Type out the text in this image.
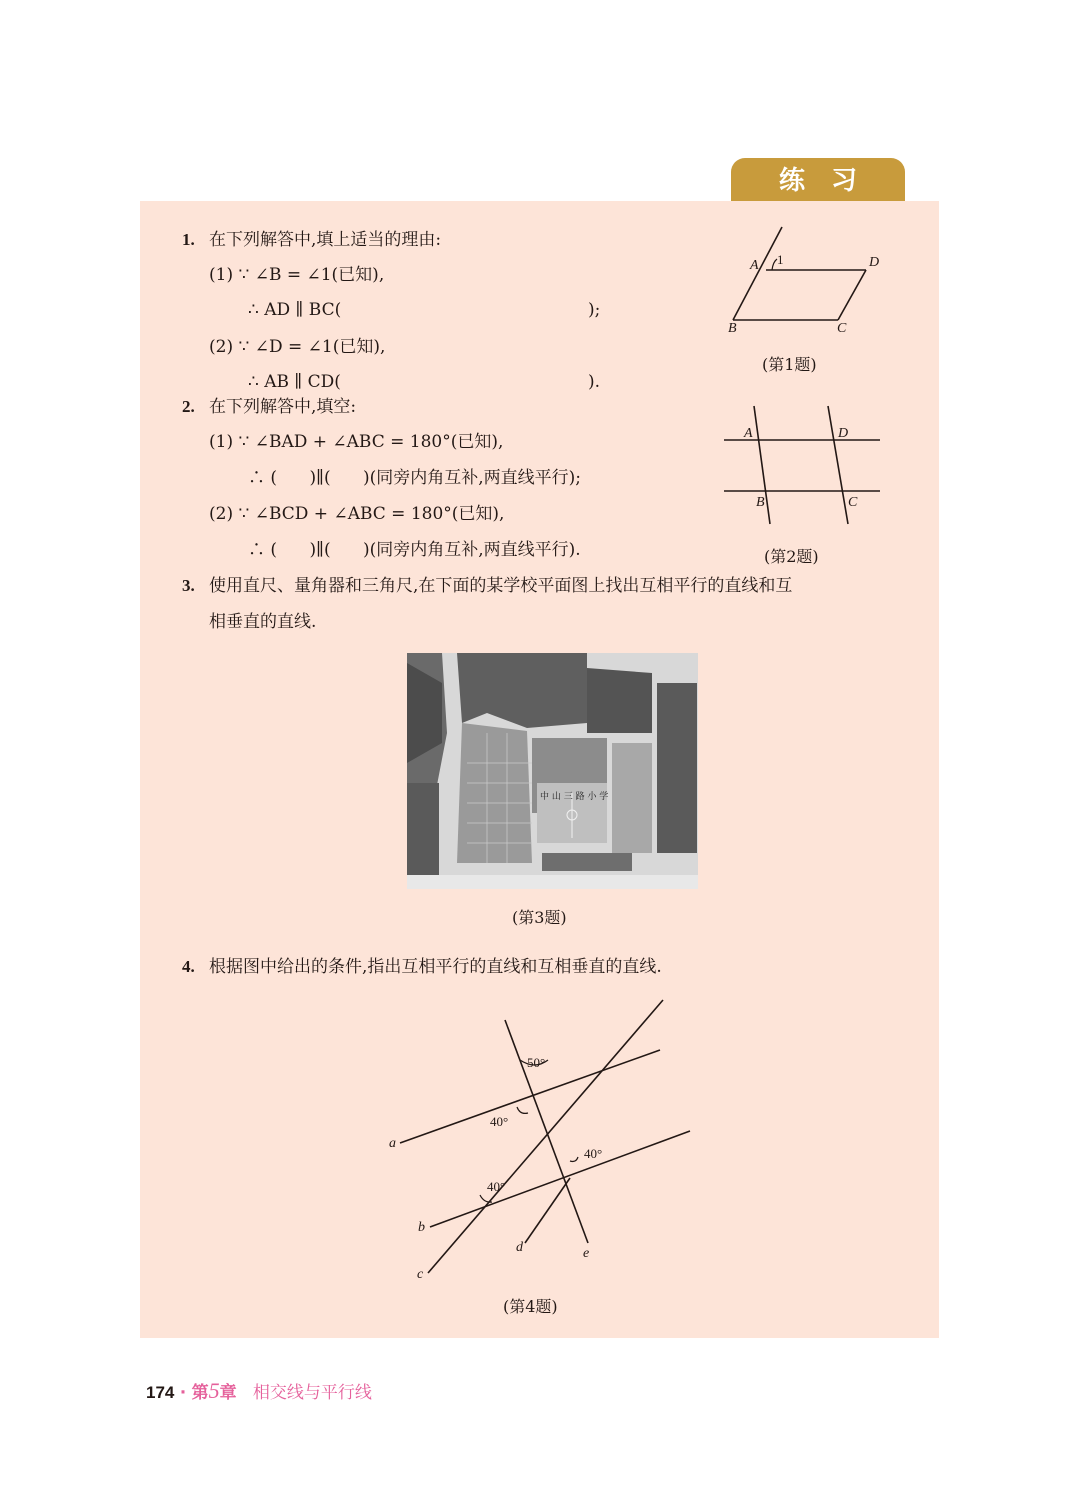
练习
1. 在下列解答中,填上适当的理由:
(1) ∵ ∠B = ∠1(已知),
∴ AD ∥ BC(	);
(2) ∵ ∠D = ∠1(已知),
∴ AB ∥ CD(	).
A 1	D
B	C
(第1题)
2. 在下列解答中,填空:
(1) ∵ ∠BAD + ∠ABC = 180°(已知),
∴ (      )∥(      )(同旁内角互补,两直线平行);
(2) ∵ ∠BCD + ∠ABC = 180°(已知),
∴ (      )∥(      )(同旁内角互补,两直线平行).
A	D
B	C
(第2题)
3. 使用直尺、量角器和三角尺,在下面的某学校平面图上找出互相平行的直线和互
相垂直的直线.
中 山 三 路 小 学
(第3题)
4. 根据图中给出的条件,指出互相平行的直线和互相垂直的直线.
50°
40°
40°
40°
a
b
c
d	e
(第4题)
174 · 第5章 相交线与平行线
